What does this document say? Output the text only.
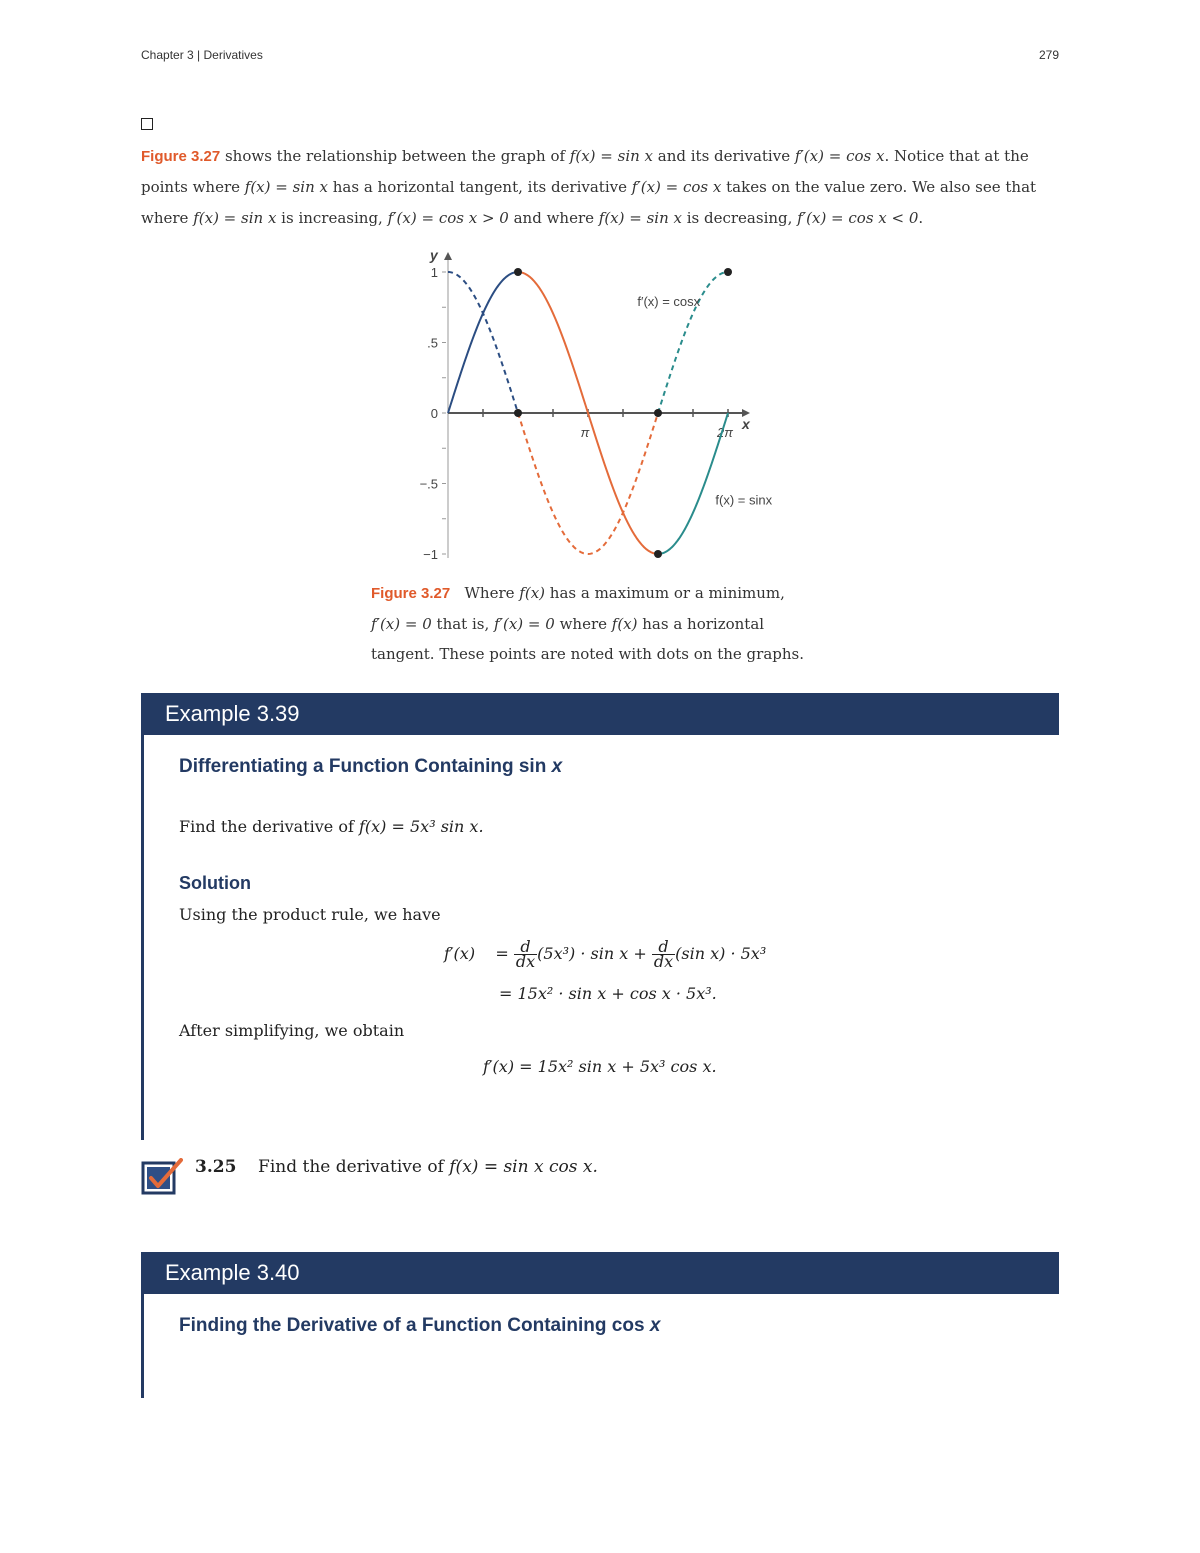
Chapter 3 | Derivatives	279
Figure 3.27 shows the relationship between the graph of f(x) = sin x and its derivative f′(x) = cos x. Notice that at the points where f(x) = sin x has a horizontal tangent, its derivative f′(x) = cos x takes on the value zero. We also see that where f(x) = sin x is increasing, f′(x) = cos x > 0 and where f(x) = sin x is decreasing, f′(x) = cos x < 0.
1
.5
0
−.5
−1
π	2π
y
x
f′(x) = cosx
f(x) = sinx
Figure 3.27 Where f(x) has a maximum or a minimum,
f′(x) = 0 that is, f′(x) = 0 where f(x) has a horizontal
tangent. These points are noted with dots on the graphs.
Example 3.39
Differentiating a Function Containing sin x
Find the derivative of f(x) = 5x³ sin x.
Solution
Using the product rule, we have
$f'(x) = \frac{d}{dx} (5x^3) \cdot \sin x + \frac{d}{dx} (\sin$ x) · 5x³
= 15x² · sin x + cos x · 5x³.
After simplifying, we obtain
f′(x) = 15x² sin x + 5x³ cos x.
3.25 Find the derivative of f(x) = sin x cos x.
Example 3.40
Finding the Derivative of a Function Containing cos x
